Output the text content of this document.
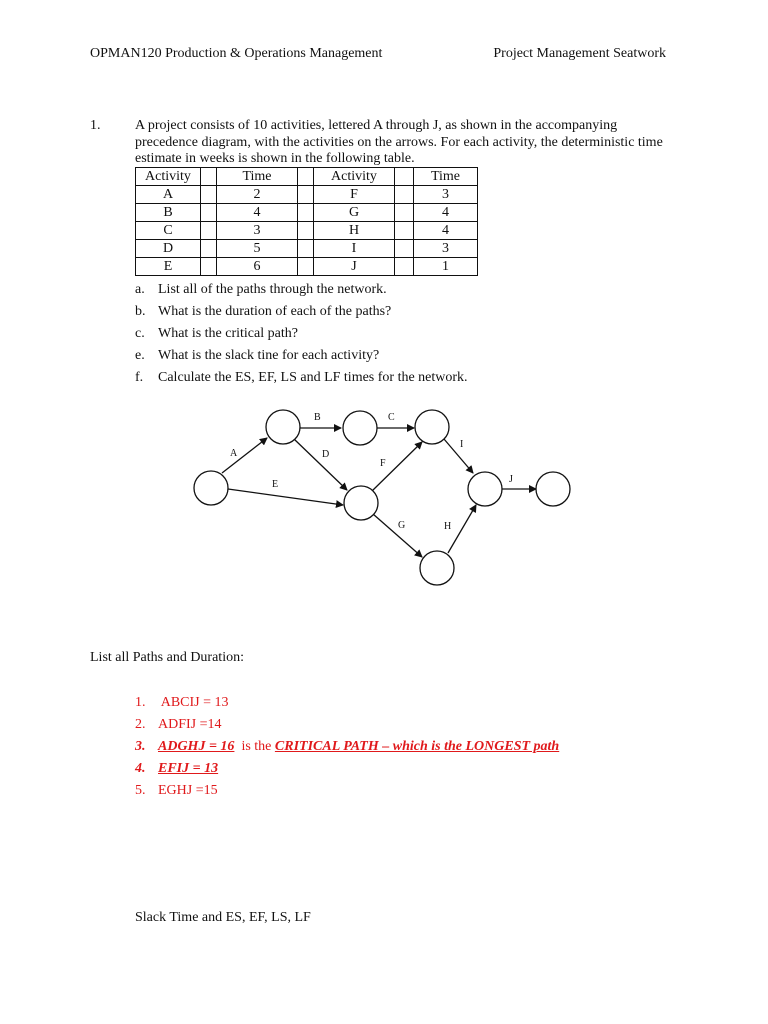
OPMAN120 Production & Operations Management	Project Management Seatwork
1. A project consists of 10 activities, lettered A through J, as shown in the accompanying precedence diagram, with the activities on the arrows. For each activity, the deterministic time estimate in weeks is shown in the following table.
Activity		Time		Activity		Time
A		2		F		3
B		4		G		4
C		3		H		4
D		5		I		3
E		6		J		1
a. List all of the paths through the network.
b. What is the duration of each of the paths?
c. What is the critical path?
e. What is the slack tine for each activity?
f. Calculate the ES, EF, LS and LF times for the network.
A
B	C
D
E
F
G	H
I
J
List all Paths and Duration:
1. ABCIJ = 13
2. ADFIJ =14
3. ADGHJ = 16  is the CRITICAL PATH – which is the LONGEST path
4. EFIJ = 13
5. EGHJ =15
Slack Time and ES, EF, LS, LF
